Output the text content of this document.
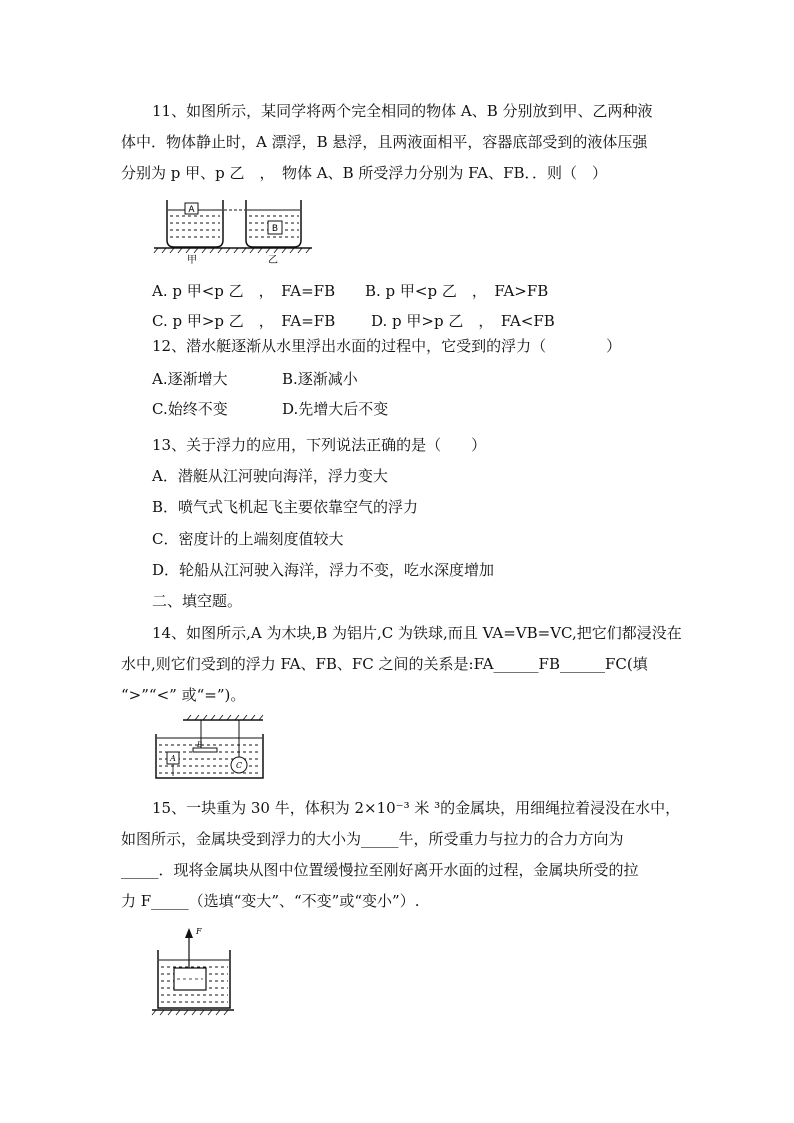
11、如图所示，某同学将两个完全相同的物体 A、B 分别放到甲、乙两种液
体中．物体静止时，A 漂浮，B 悬浮，且两液面相平，容器底部受到的液体压强
分别为 p 甲、p 乙　，　物体 A、B 所受浮力分别为 FA、FB．．则（　）
A
B
甲	乙
A. p 甲<p 乙　，　FA=FB B. p 甲<p 乙　，　FA>FB
C. p 甲>p 乙　，　FA=FB D. p 甲>p 乙　，　FA<FB
12、潜水艇逐渐从水里浮出水面的过程中，它受到的浮力（　　　　）
A.逐渐增大	B.逐渐减小
C.始终不变	D.先增大后不变
13、关于浮力的应用，下列说法正确的是（　　）
A．潜艇从江河驶向海洋，浮力变大
B．喷气式飞机起飞主要依靠空气的浮力
C．密度计的上端刻度值较大
D．轮船从江河驶入海洋，浮力不变，吃水深度增加
二、填空题。
14、如图所示,A 为木块,B 为铝片,C 为铁球,而且 VA=VB=VC,把它们都浸没在
水中,则它们受到的浮力 FA、FB、FC 之间的关系是:FA______FB______FC(填
“>”“<” 或“=”)。
B
A
C
15、一块重为 30 牛，体积为 2×10⁻³ 米 ³的金属块，用细绳拉着浸没在水中，
如图所示，金属块受到浮力的大小为_____牛，所受重力与拉力的合力方向为
_____．现将金属块从图中位置缓慢拉至刚好离开水面的过程，金属块所受的拉
力 F_____（选填“变大”、“不变”或“变小”）.
F
